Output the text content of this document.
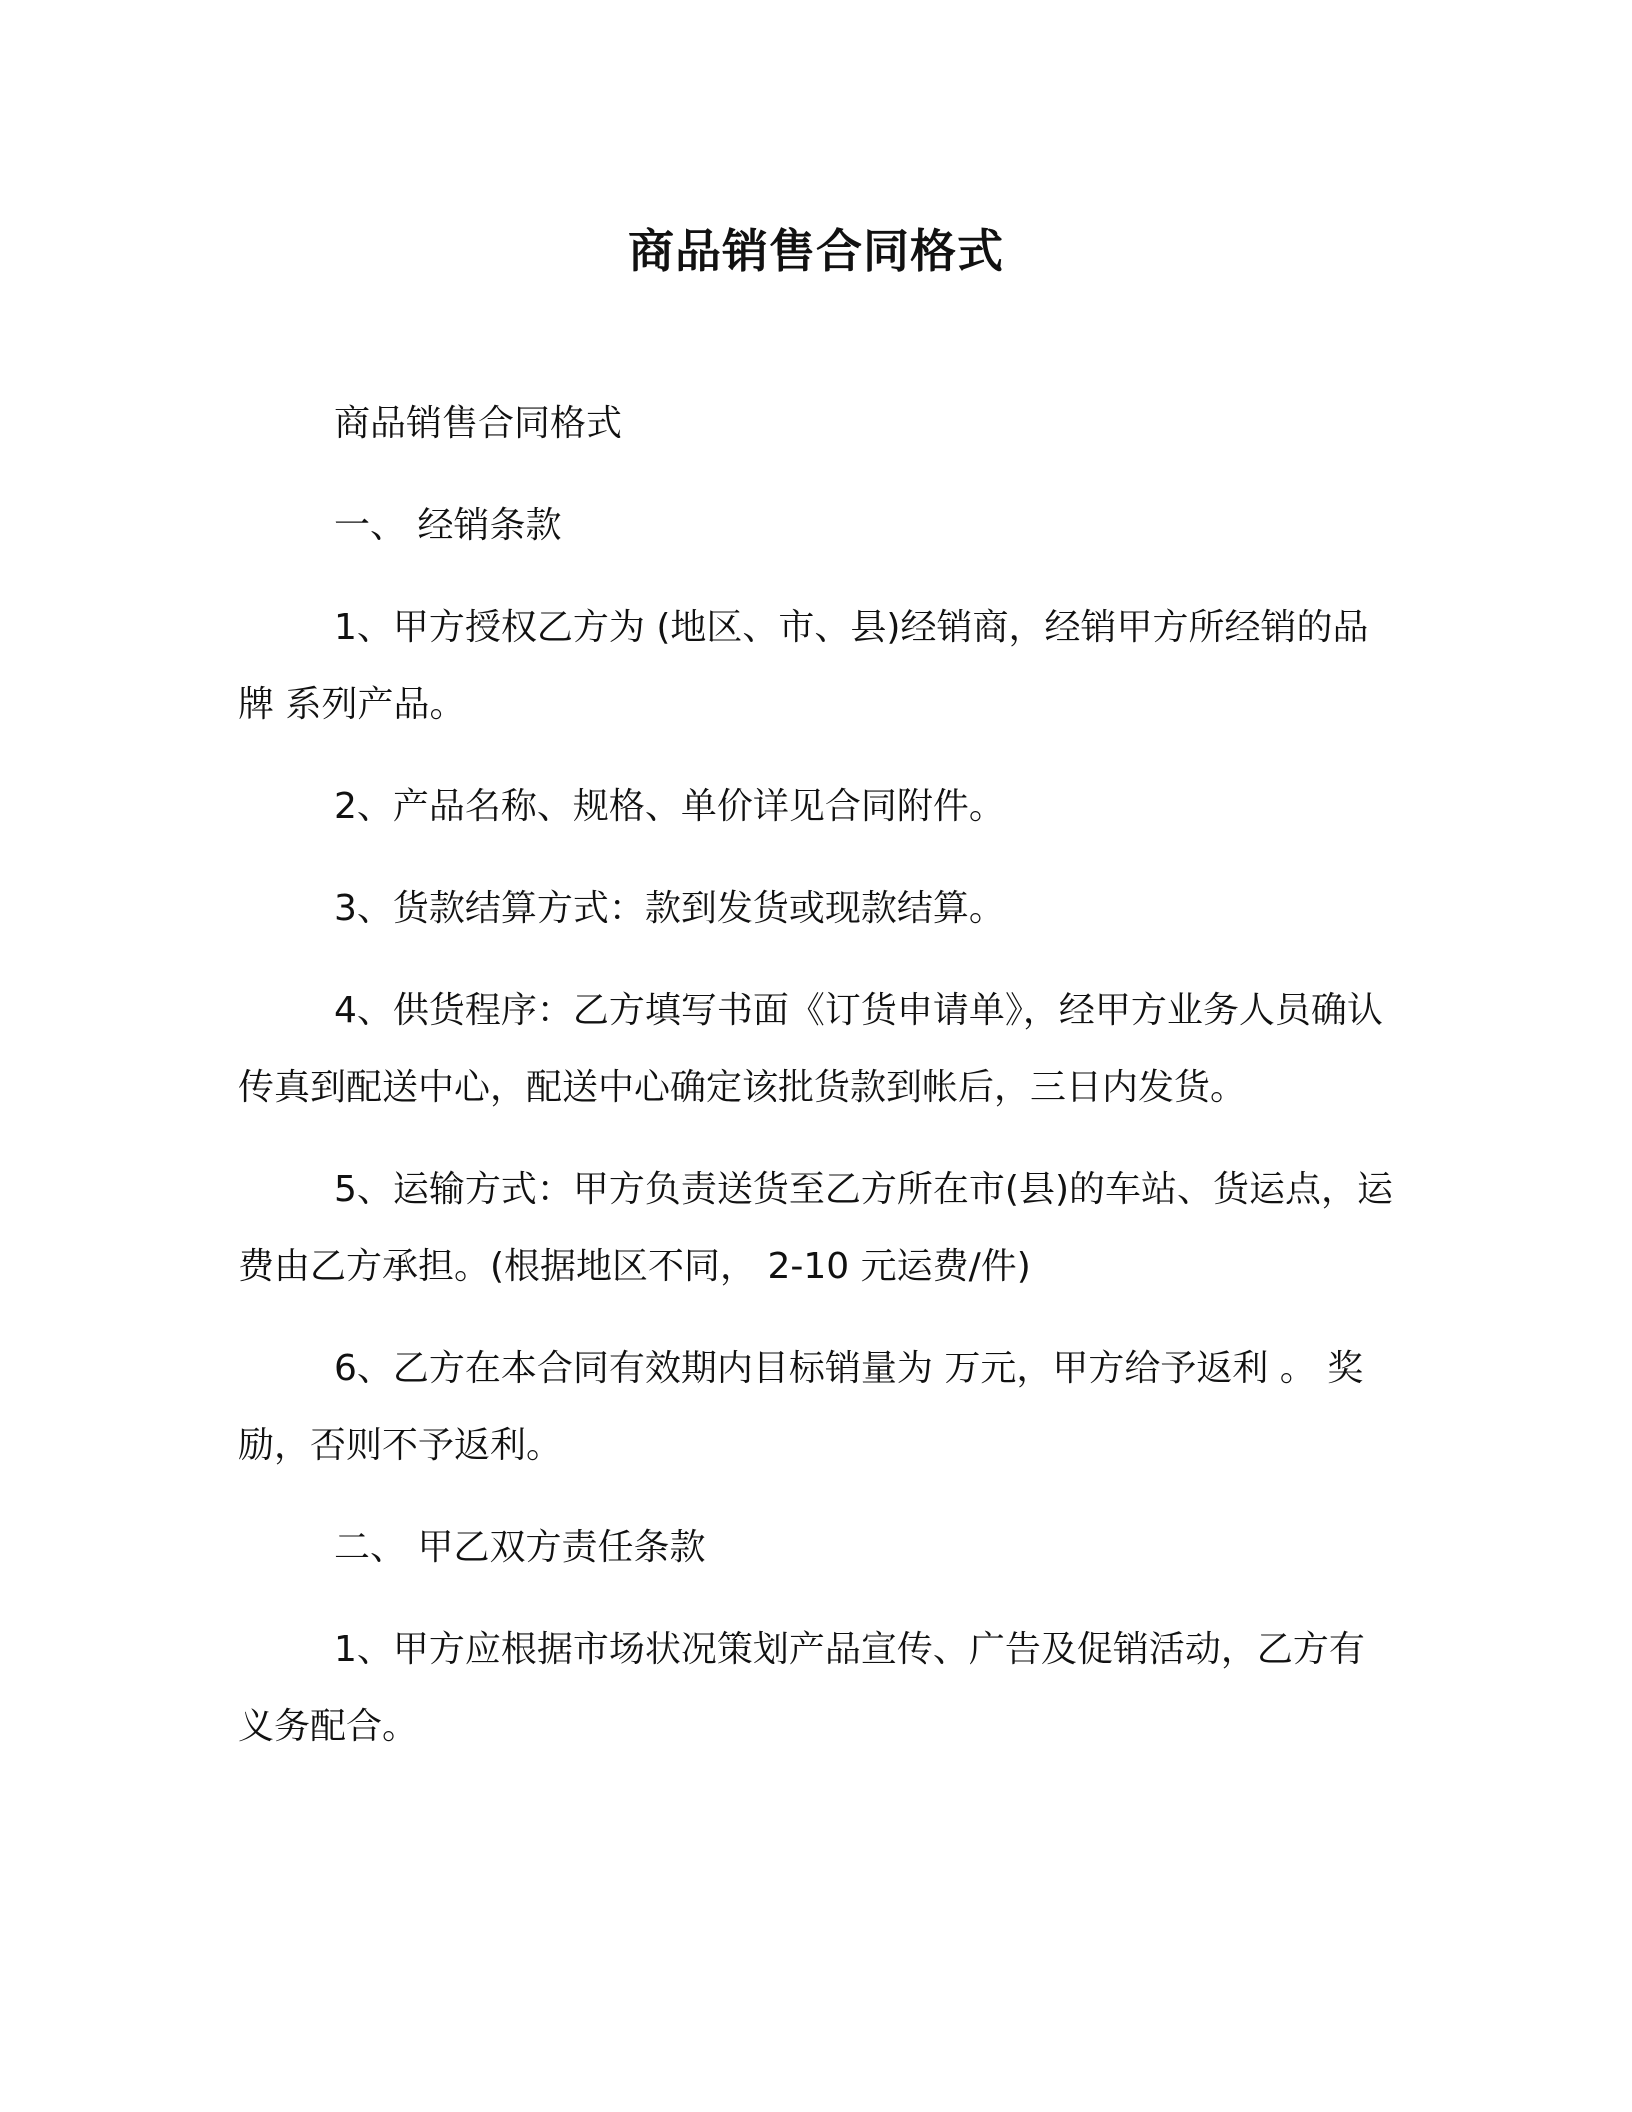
商品销售合同格式

商品销售合同格式

一、 经销条款

1、甲方授权乙方为 (地区、市、县)经销商，经销甲方所经销的品牌 系列产品。

2、产品名称、规格、单价详见合同附件。

3、货款结算方式：款到发货或现款结算。

4、供货程序：乙方填写书面《订货申请单》，经甲方业务人员确认传真到配送中心，配送中心确定该批货款到帐后，三日内发货。

5、运输方式：甲方负责送货至乙方所在市(县)的车站、货运点，运费由乙方承担。(根据地区不同， 2-10 元运费/件)

6、乙方在本合同有效期内目标销量为 万元，甲方给予返利 。 奖励，否则不予返利。

二、 甲乙双方责任条款

1、甲方应根据市场状况策划产品宣传、广告及促销活动，乙方有义务配合。
